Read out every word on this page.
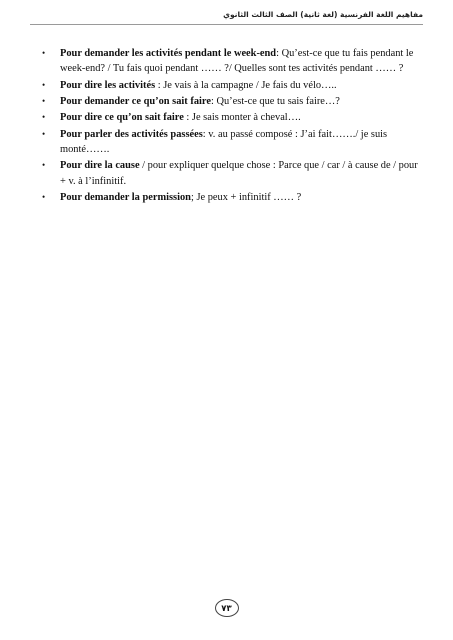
مفاهيم اللغة الفرنسية (لغة ثانية) الصف الثالث الثانوي
• Pour demander les activités pendant le week-end: Qu’est-ce que tu fais pendant le week-end? / Tu fais quoi pendant …… ?/ Quelles sont tes activités pendant …… ?
• Pour dire les activités : Je vais à la campagne / Je fais du vélo…..
• Pour demander ce qu’on sait faire: Qu’est-ce que tu sais faire…?
• Pour dire ce qu’on sait faire : Je sais monter à cheval….
• Pour parler des activités passées: v. au passé composé : J’ai fait……./ je suis monté…….
• Pour dire la cause / pour expliquer quelque chose : Parce que / car / à cause de / pour + v. à l’infinitif.
• Pour demander la permission; Je peux + infinitif …… ?
٧٣
